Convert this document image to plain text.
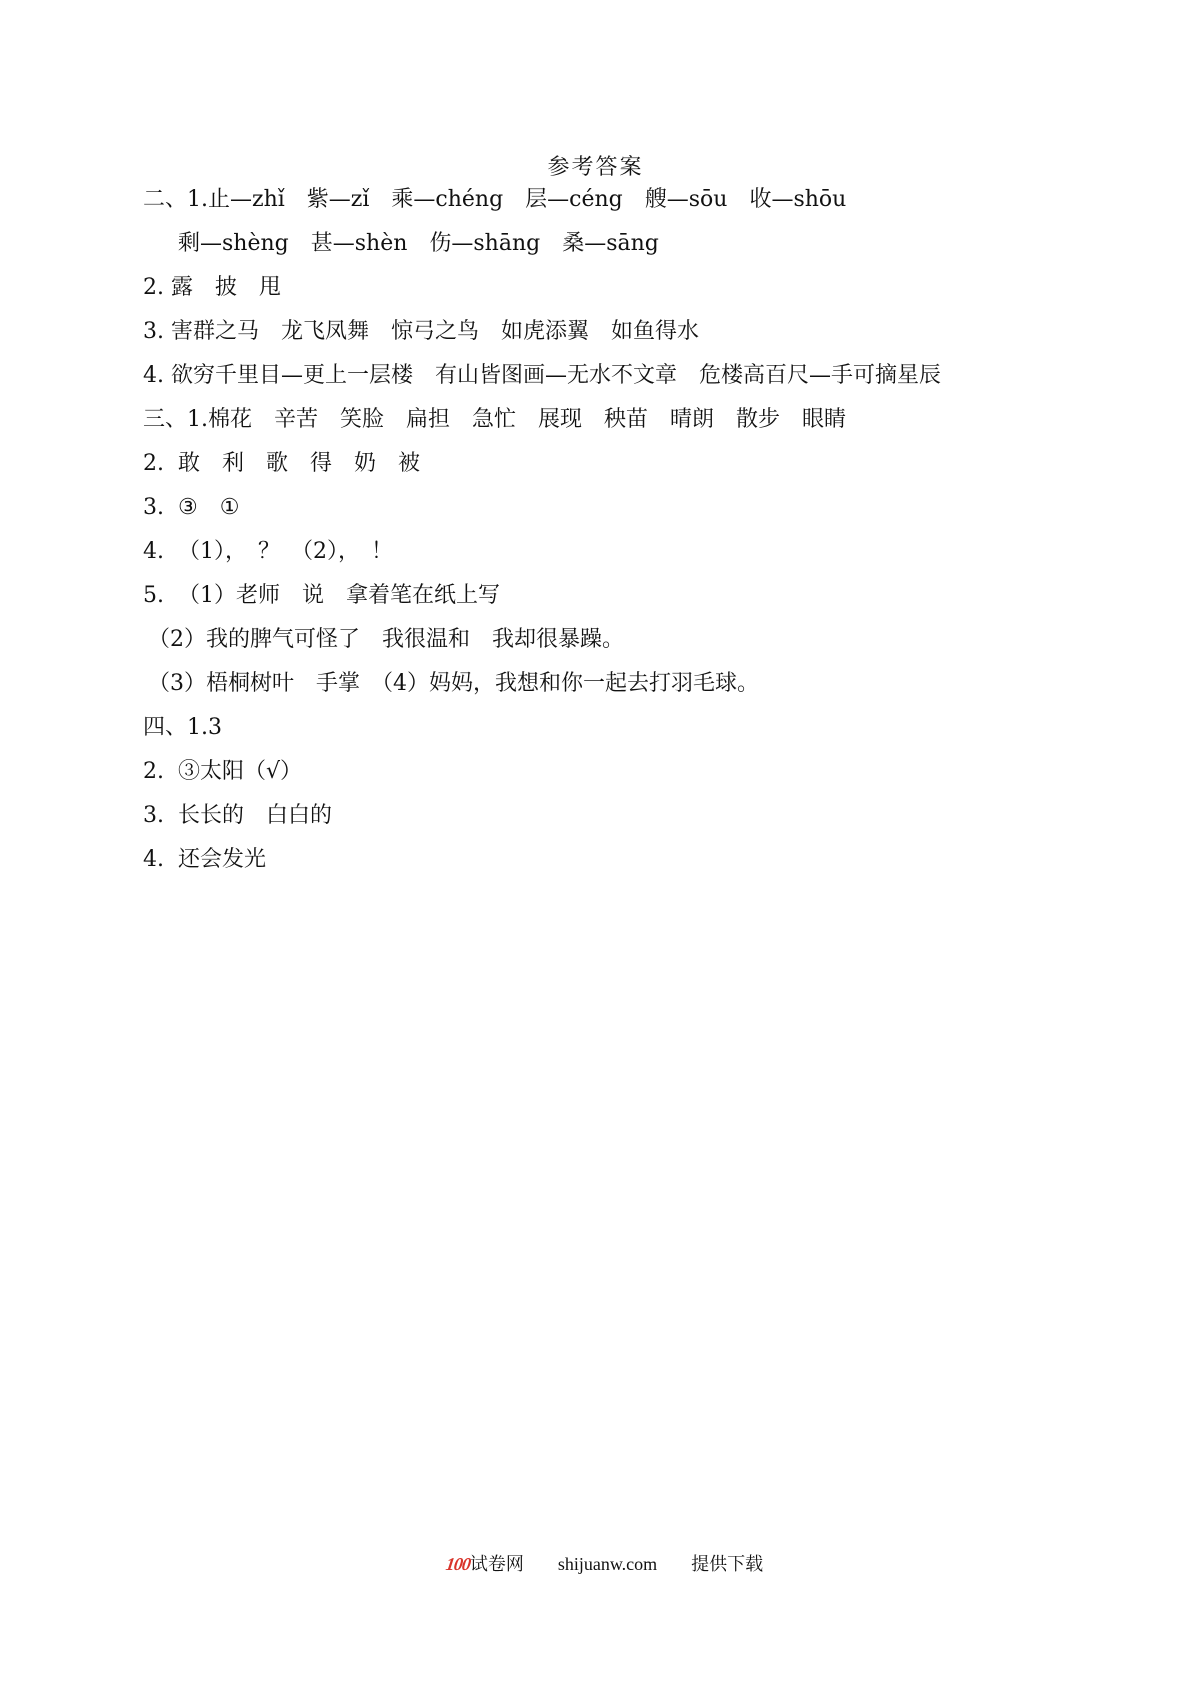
参考答案
二、1.止—zhǐ　紫—zǐ　乘—chéng　层—céng　艘—sōu　收—shōu
剩—shèng　甚—shèn　伤—shāng　桑—sāng
2. 露　披　甩
3. 害群之马　龙飞凤舞　惊弓之鸟　如虎添翼　如鱼得水
4. 欲穷千里目—更上一层楼　有山皆图画—无水不文章　危楼高百尺—手可摘星辰
三、1.棉花　辛苦　笑脸　扁担　急忙　展现　秧苗　晴朗　散步　眼睛
2.  敢　利　歌　得　奶　被
3.  ③　①
4.  （1），　？　（2），　！
5.  （1）老师　说　拿着笔在纸上写
（2）我的脾气可怪了　我很温和　我却很暴躁。
（3）梧桐树叶　手掌　（4）妈妈，我想和你一起去打羽毛球。
四、1.3
2.  ③太阳（√）
3.  长长的　白白的
4.  还会发光

100试卷网 shijuanw.com 提供下载
